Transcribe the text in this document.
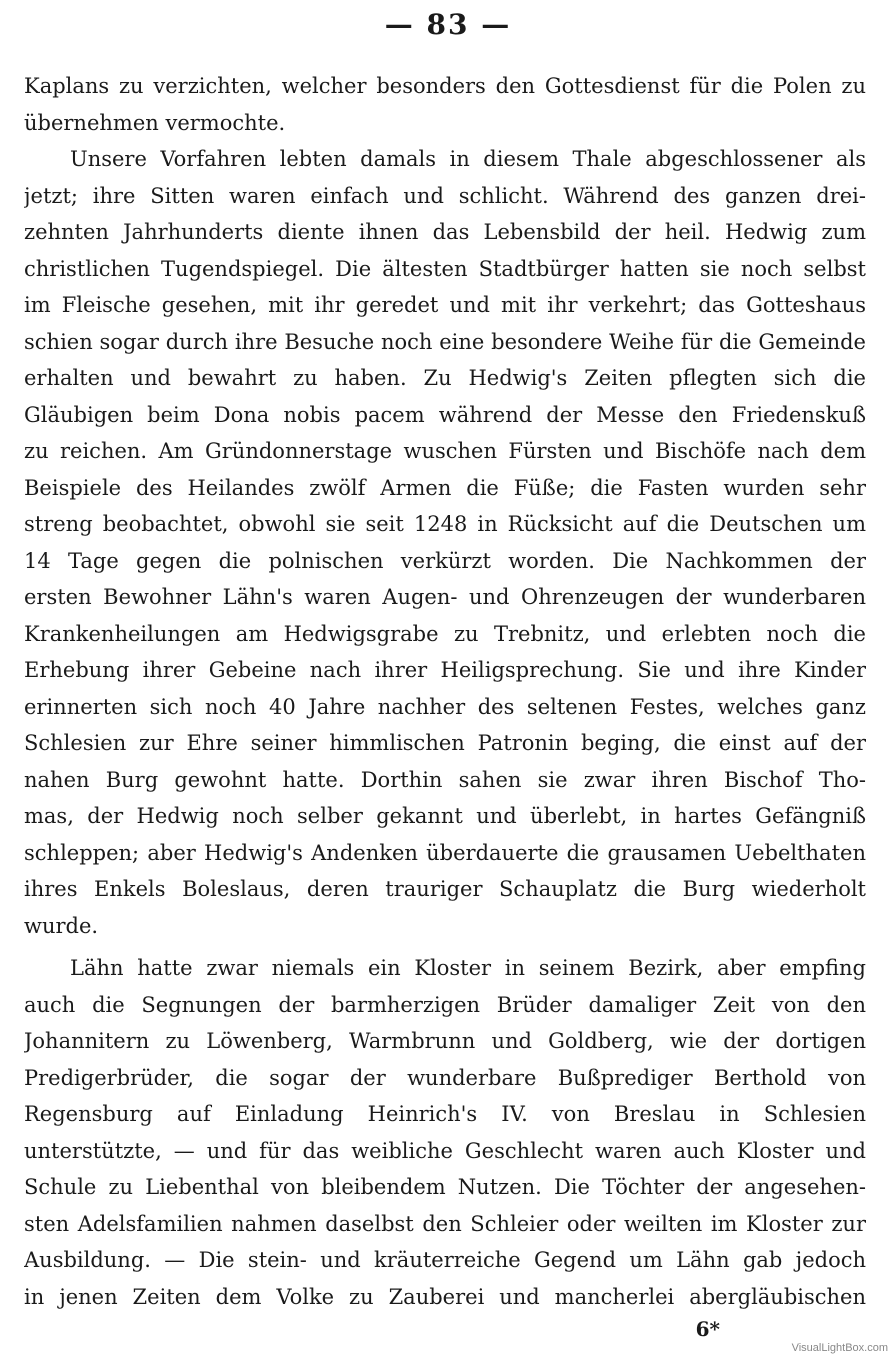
— 83 —
Kaplans zu verzichten, welcher besonders den Gottesdienst für die Polen zu
übernehmen vermochte.
Unsere Vorfahren lebten damals in diesem Thale abgeschlossener als
jetzt; ihre Sitten waren einfach und schlicht. Während des ganzen drei-
zehnten Jahrhunderts diente ihnen das Lebensbild der heil. Hedwig zum
christlichen Tugendspiegel. Die ältesten Stadtbürger hatten sie noch selbst
im Fleische gesehen, mit ihr geredet und mit ihr verkehrt; das Gotteshaus
schien sogar durch ihre Besuche noch eine besondere Weihe für die Gemeinde
erhalten und bewahrt zu haben. Zu Hedwig's Zeiten pflegten sich die
Gläubigen beim Dona nobis pacem während der Messe den Friedenskuß
zu reichen. Am Gründonnerstage wuschen Fürsten und Bischöfe nach dem
Beispiele des Heilandes zwölf Armen die Füße; die Fasten wurden sehr
streng beobachtet, obwohl sie seit 1248 in Rücksicht auf die Deutschen um
14 Tage gegen die polnischen verkürzt worden. Die Nachkommen der
ersten Bewohner Lähn's waren Augen- und Ohrenzeugen der wunderbaren
Krankenheilungen am Hedwigsgrabe zu Trebnitz, und erlebten noch die
Erhebung ihrer Gebeine nach ihrer Heiligsprechung. Sie und ihre Kinder
erinnerten sich noch 40 Jahre nachher des seltenen Festes, welches ganz
Schlesien zur Ehre seiner himmlischen Patronin beging, die einst auf der
nahen Burg gewohnt hatte. Dorthin sahen sie zwar ihren Bischof Tho-
mas, der Hedwig noch selber gekannt und überlebt, in hartes Gefängniß
schleppen; aber Hedwig's Andenken überdauerte die grausamen Uebelthaten
ihres Enkels Boleslaus, deren trauriger Schauplatz die Burg wiederholt
wurde.
Lähn hatte zwar niemals ein Kloster in seinem Bezirk, aber empfing
auch die Segnungen der barmherzigen Brüder damaliger Zeit von den
Johannitern zu Löwenberg, Warmbrunn und Goldberg, wie der dortigen
Predigerbrüder, die sogar der wunderbare Bußprediger Berthold von
Regensburg auf Einladung Heinrich's IV. von Breslau in Schlesien
unterstützte, — und für das weibliche Geschlecht waren auch Kloster und
Schule zu Liebenthal von bleibendem Nutzen. Die Töchter der angesehen-
sten Adelsfamilien nahmen daselbst den Schleier oder weilten im Kloster zur
Ausbildung. — Die stein- und kräuterreiche Gegend um Lähn gab jedoch
in jenen Zeiten dem Volke zu Zauberei und mancherlei abergläubischen
6*
VisualLightBox.com
